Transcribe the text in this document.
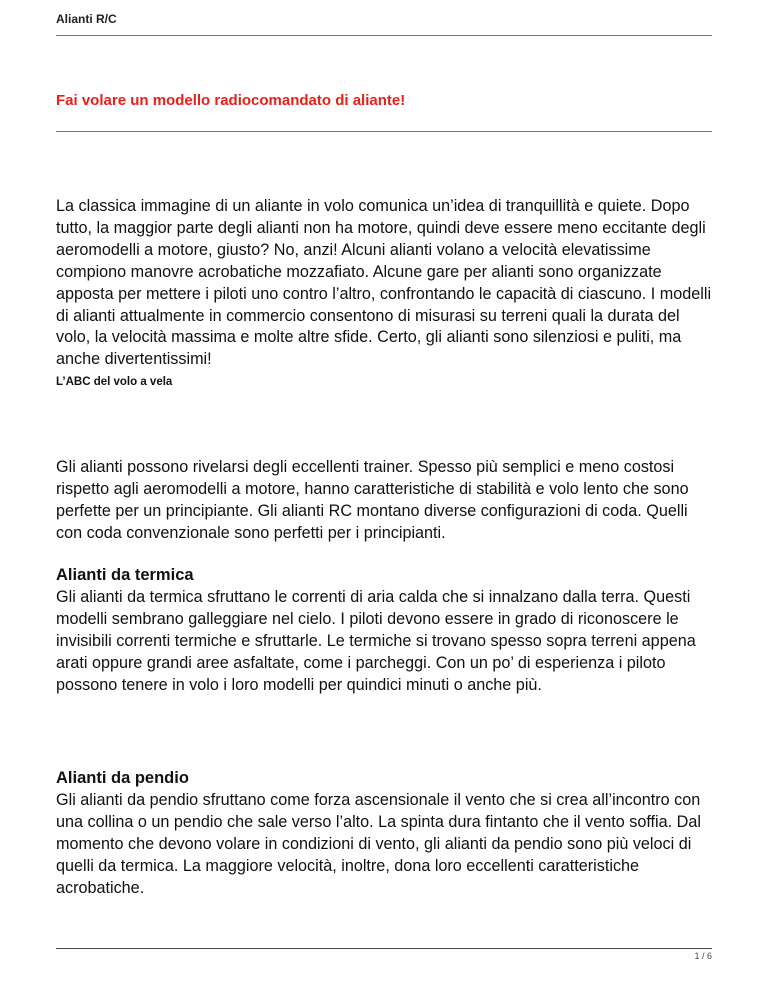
Alianti R/C
Fai volare un modello radiocomandato di aliante!

La classica immagine di un aliante in volo comunica un’idea di tranquillità e quiete. Dopo tutto, la maggior parte degli alianti non ha motore, quindi deve essere meno eccitante degli aeromodelli a motore, giusto? No, anzi! Alcuni alianti volano a velocità elevatissime compiono manovre acrobatiche mozzafiato. Alcune gare per alianti sono organizzate apposta per mettere i piloti uno contro l’altro, confrontando le capacità di ciascuno. I modelli di alianti attualmente in commercio consentono di misurasi su terreni quali la durata del volo, la velocità massima e molte altre sfide. Certo, gli alianti sono silenziosi e puliti, ma anche divertentissimi!

L’ABC del volo a vela

Gli alianti possono rivelarsi degli eccellenti trainer. Spesso più semplici e meno costosi rispetto agli aeromodelli a motore, hanno caratteristiche di stabilità e volo lento che sono perfette per un principiante. Gli alianti RC montano diverse configurazioni di coda. Quelli con coda convenzionale sono perfetti per i principianti.

Alianti da termica

Gli alianti da termica sfruttano le correnti di aria calda che si innalzano dalla terra. Questi modelli sembrano galleggiare nel cielo. I piloti devono essere in grado di riconoscere le invisibili correnti termiche e sfruttarle. Le termiche si trovano spesso sopra terreni appena arati oppure grandi aree asfaltate, come i parcheggi. Con un po’ di esperienza i piloto possono tenere in volo i loro modelli per quindici minuti o anche più.

Alianti da pendio

Gli alianti da pendio sfruttano come forza ascensionale il vento che si crea all’incontro con una collina o un pendio che sale verso l’alto. La spinta dura fintanto che il vento soffia. Dal momento che devono volare in condizioni di vento, gli alianti da pendio sono più veloci di quelli da termica. La maggiore velocità, inoltre, dona loro eccellenti caratteristiche acrobatiche.

1 / 6
